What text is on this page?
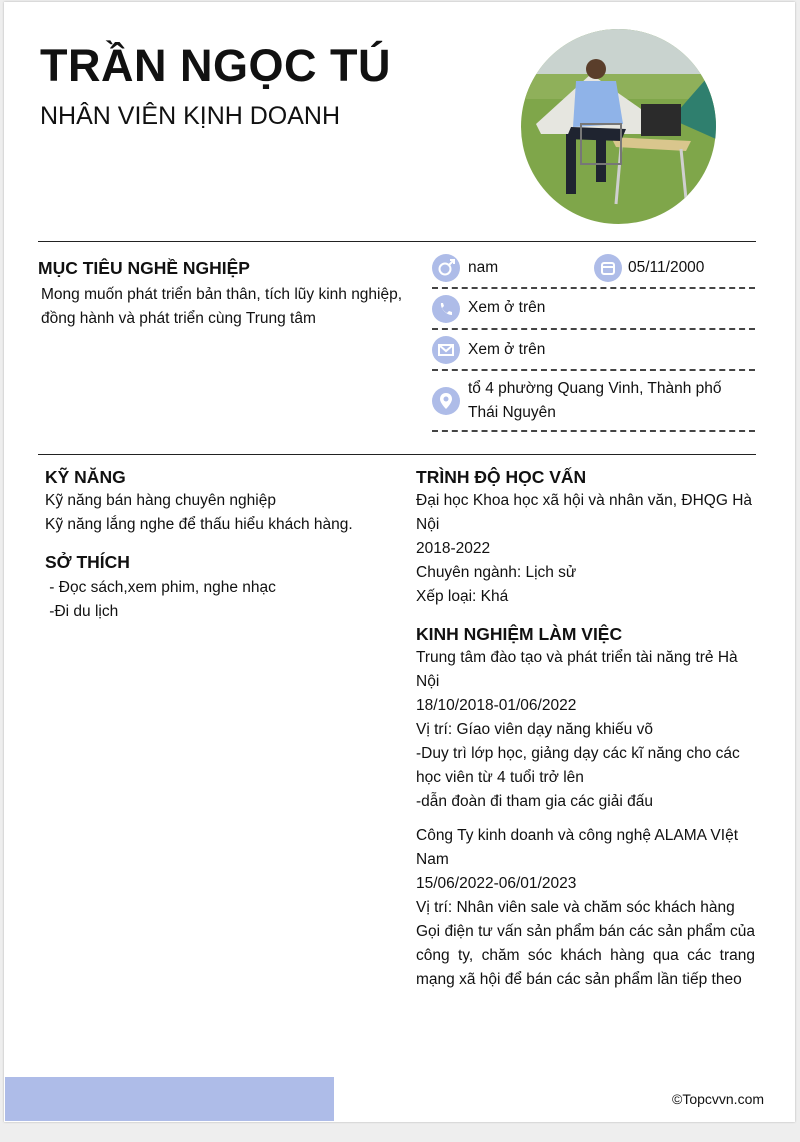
TRẦN NGỌC TÚ
NHÂN VIÊN KỊNH DOANH
MỤC TIÊU NGHỀ NGHIỆP
Mong muốn phát triển bản thân, tích lũy kinh nghiệp, đồng hành và phát triển cùng Trung tâm
nam	05/11/2000
Xem ở trên
Xem ở trên
tổ 4 phường Quang Vinh, Thành phố Thái Nguyên
KỸ NĂNG
Kỹ năng bán hàng chuyên nghiệp
Kỹ năng lắng nghe để thấu hiểu khách hàng.
SỞ THÍCH
- Đọc sách,xem phim, nghe nhạc
-Đi du lịch
TRÌNH ĐỘ HỌC VẤN
Đại học Khoa học xã hội và nhân văn, ĐHQG Hà Nội
2018-2022
Chuyên ngành: Lịch sử
Xếp loại: Khá
KINH NGHIỆM LÀM VIỆC
Trung tâm đào tạo và phát triển tài năng trẻ Hà Nội
18/10/2018-01/06/2022
Vị trí: Gíao viên dạy năng khiếu võ
-Duy trì lớp học, giảng dạy các kĩ năng cho các học viên từ 4 tuổi trở lên
-dẫn đoàn đi tham gia các giải đấu
Công Ty kinh doanh và công nghệ ALAMA VIệt Nam
15/06/2022-06/01/2023
Vị trí: Nhân viên sale và chăm sóc khách hàng
Gọi điện tư vấn sản phẩm bán các sản phẩm của công ty, chăm sóc khách hàng qua các trang mạng xã hội để bán các sản phẩm lần tiếp theo
©Topcvvn.com
